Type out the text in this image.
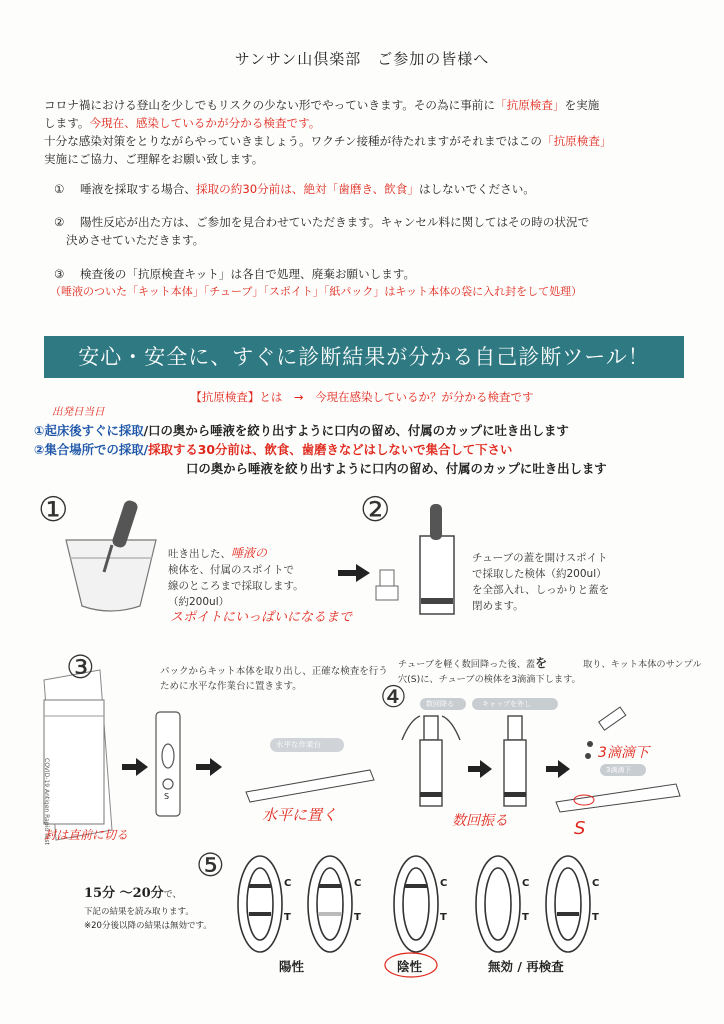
サンサン山倶楽部　ご参加の皆様へ
コロナ禍における登山を少しでもリスクの少ない形でやっていきます。その為に事前に「抗原検査」を実施
します。今現在、感染しているかが分かる検査です。
十分な感染対策をとりながらやっていきましょう。ワクチン接種が待たれますがそれまではこの「抗原検査」
実施にご協力、ご理解をお願い致します。
① 唾液を採取する場合、採取の約30分前は、絶対「歯磨き、飲食」はしないでください。
② 陽性反応が出た方は、ご参加を見合わせていただきます。キャンセル料に関してはその時の状況で
決めさせていただきます。
③ 検査後の「抗原検査キット」は各自で処理、廃棄お願いします。
（唾液のついた「キット本体」「チューブ」「スポイト」「紙パック」はキット本体の袋に入れ封をして処理）
安心・安全に、すぐに診断結果が分かる自己診断ツール！
【抗原検査】とは　→　今現在感染しているか？が分かる検査です
出発日当日
①起床後すぐに採取/口の奥から唾液を絞り出すように口内の留め、付属のカップに吐き出します
②集合場所での採取/採取する30分前は、飲食、歯磨きなどはしないで集合して下さい
口の奥から唾液を絞り出すように口内の留め、付属のカップに吐き出します
①
吐き出した、唾液の
検体を、付属のスポイトで
線のところまで採取します。
（約200ul）
スポイトにいっぱいになるまで
②
チューブの蓋を開けスポイト
で採取した検体（約200ul）
を全部入れ、しっかりと蓋を
閉めます。
③	パックからキット本体を取り出し、正確な検査を行う
ために水平な作業台に置きます。
COVID-19 Antigen Rapid Test	S
水平な作業台
水平に置く
封は直前に切る
チューブを軽く数回降った後、蓋を	取り、キット本体のサンプル
穴(S)に、チューブの検体を3滴滴下します。
④	数回降る	キャップを外し
3滴滴下
3滴滴下
数回振る	S
⑤
15分 ～20分で、
下記の結果を読み取ります。
※20分後以降の結果は無効です。
C
T
C
T
C
T
C
T
C
T
陽性	陰性	無効 / 再検査
